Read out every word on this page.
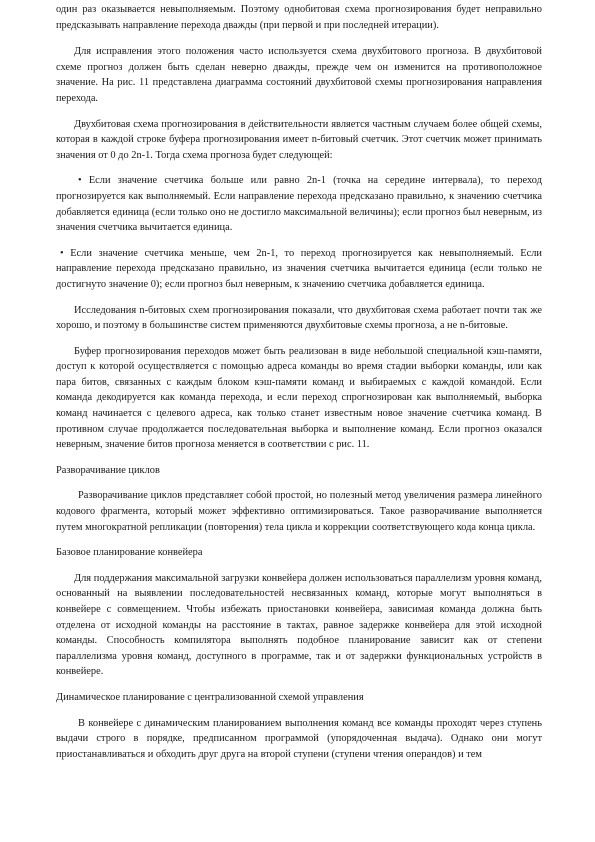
один раз оказывается невыполняемым. Поэтому однобитовая схема прогнозирования будет неправильно предсказывать направление перехода дважды (при первой и при последней итерации).

Для исправления этого положения часто используется схема двухбитового прогноза. В двухбитовой схеме прогноз должен быть сделан неверно дважды, прежде чем он изменится на противоположное значение. На рис. 11 представлена диаграмма состояний двухбитовой схемы прогнозирования направления перехода.

Двухбитовая схема прогнозирования в действительности является частным случаем более общей схемы, которая в каждой строке буфера прогнозирования имеет n-битовый счетчик. Этот счетчик может принимать значения от 0 до 2n-1. Тогда схема прогноза будет следующей:

• Если значение счетчика больше или равно 2n-1 (точка на середине интервала), то переход прогнозируется как выполняемый. Если направление перехода предсказано правильно, к значению счетчика добавляется единица (если только оно не достигло максимальной величины); если прогноз был неверным, из значения счетчика вычитается единица.

• Если значение счетчика меньше, чем 2n-1, то переход прогнозируется как невыполняемый. Если направление перехода предсказано правильно, из значения счетчика вычитается единица (если только не достигнуто значение 0); если прогноз был неверным, к значению счетчика добавляется единица.

Исследования n-битовых схем прогнозирования показали, что двухбитовая схема работает почти так же хорошо, и поэтому в большинстве систем применяются двухбитовые схемы прогноза, а не n-битовые.

Буфер прогнозирования переходов может быть реализован в виде небольшой специальной кэш-памяти, доступ к которой осуществляется с помощью адреса команды во время стадии выборки команды, или как пара битов, связанных с каждым блоком кэш-памяти команд и выбираемых с каждой командой. Если команда декодируется как команда перехода, и если переход спрогнозирован как выполняемый, выборка команд начинается с целевого адреса, как только станет известным новое значение счетчика команд. В противном случае продолжается последовательная выборка и выполнение команд. Если прогноз оказался неверным, значение битов прогноза меняется в соответствии с рис. 11.

Разворачивание циклов

Разворачивание циклов представляет собой простой, но полезный метод увеличения размера линейного кодового фрагмента, который может эффективно оптимизироваться. Такое разворачивание выполняется путем многократной репликации (повторения) тела цикла и коррекции соответствующего кода конца цикла.

Базовое планирование конвейера

Для поддержания максимальной загрузки конвейера должен использоваться параллелизм уровня команд, основанный на выявлении последовательностей несвязанных команд, которые могут выполняться в конвейере с совмещением. Чтобы избежать приостановки конвейера, зависимая команда должна быть отделена от исходной команды на расстояние в тактах, равное задержке конвейера для этой исходной команды. Способность компилятора выполнять подобное планирование зависит как от степени параллелизма уровня команд, доступного в программе, так и от задержки функциональных устройств в конвейере.

Динамическое планирование с централизованной схемой управления

В конвейере с динамическим планированием выполнения команд все команды проходят через ступень выдачи строго в порядке, предписанном программой (упорядоченная выдача). Однако они могут приостанавливаться и обходить друг друга на второй ступени (ступени чтения операндов) и тем
